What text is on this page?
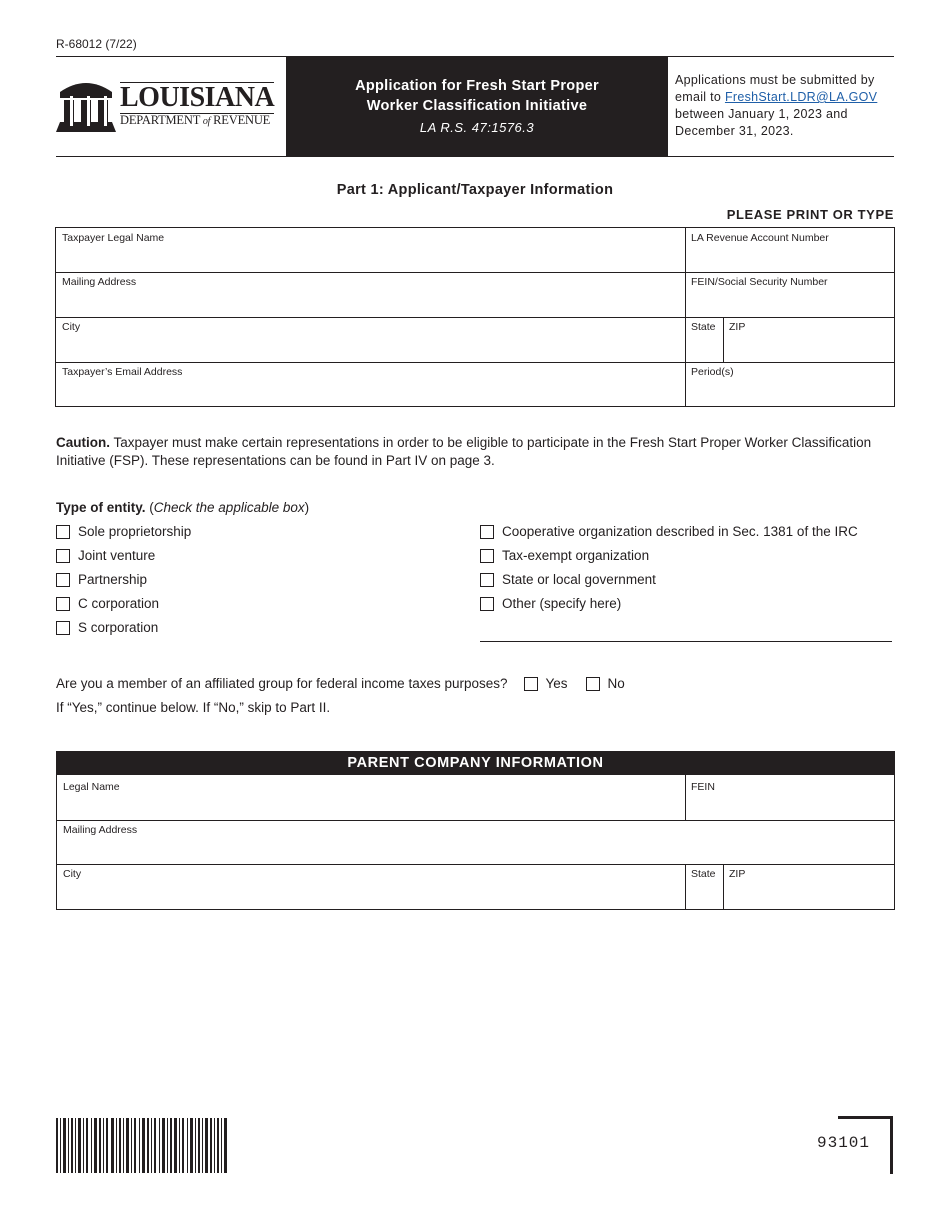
R-68012 (7/22)
LOUISIANA
DEPARTMENT of REVENUE
Application for Fresh Start Proper
Worker Classification Initiative
LA R.S. 47:1576.3
Applications must be submitted by email to FreshStart.LDR@LA.GOV between January 1, 2023 and December 31, 2023.
Part 1: Applicant/Taxpayer Information
PLEASE PRINT OR TYPE
Taxpayer Legal Name	LA Revenue Account Number
Mailing Address	FEIN/Social Security Number
City	State	ZIP
Taxpayer’s Email Address	Period(s)
Caution. Taxpayer must make certain representations in order to be eligible to participate in the Fresh Start Proper Worker Classification Initiative (FSP). These representations can be found in Part IV on page 3.
Type of entity. (Check the applicable box)
Sole proprietorship
Joint venture
Partnership
C corporation
S corporation
Cooperative organization described in Sec. 1381 of the IRC
Tax-exempt organization
State or local government
Other (specify here)
Are you a member of an affiliated group for federal income taxes purposes?	Yes	No
If “Yes,” continue below. If “No,” skip to Part II.
PARENT COMPANY INFORMATION
Legal Name	FEIN
Mailing Address
City	State	ZIP
93101
